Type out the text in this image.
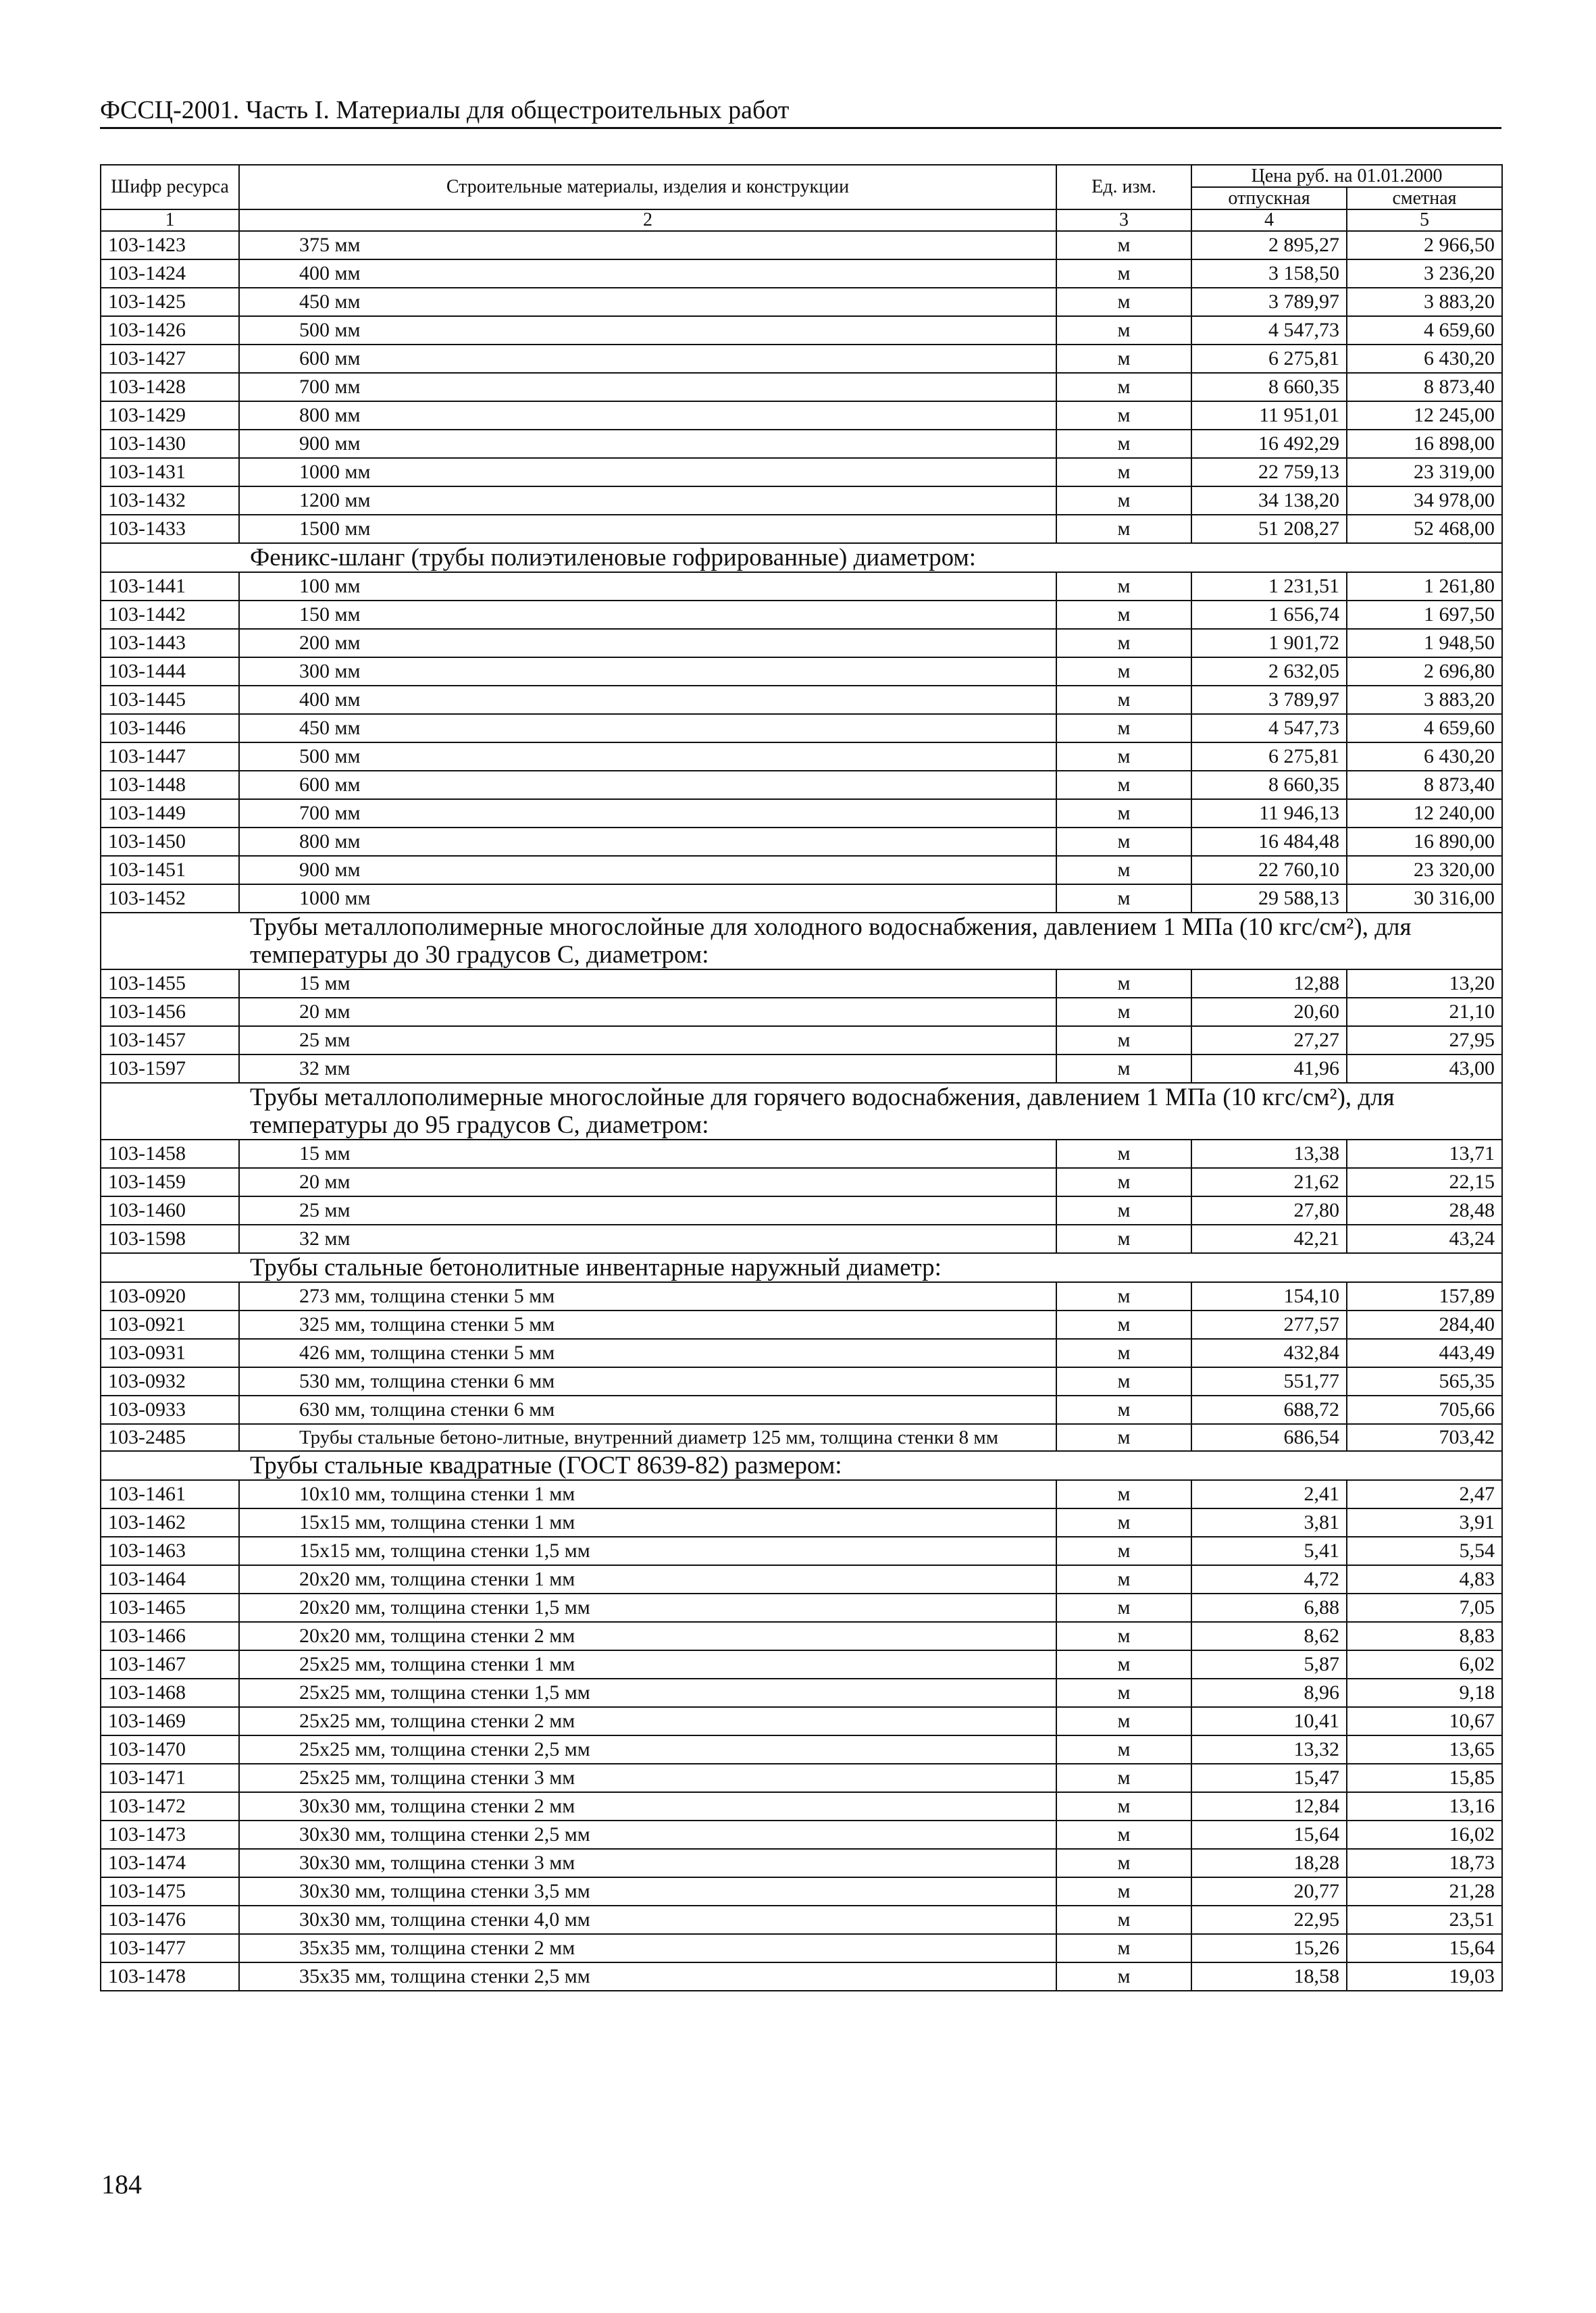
ФССЦ-2001. Часть I. Материалы для общестроительных работ
Шифр ресурса	Строительные материалы, изделия и конструкции	Ед. изм.	Цена руб. на 01.01.2000	
			отпускная	сметная
1	2	3	4	5
103-1423	375 мм	м	2 895,27	2 966,50
103-1424	400 мм	м	3 158,50	3 236,20
103-1425	450 мм	м	3 789,97	3 883,20
103-1426	500 мм	м	4 547,73	4 659,60
103-1427	600 мм	м	6 275,81	6 430,20
103-1428	700 мм	м	8 660,35	8 873,40
103-1429	800 мм	м	11 951,01	12 245,00
103-1430	900 мм	м	16 492,29	16 898,00
103-1431	1000 мм	м	22 759,13	23 319,00
103-1432	1200 мм	м	34 138,20	34 978,00
103-1433	1500 мм	м	51 208,27	52 468,00
Феникс-шланг (трубы полиэтиленовые гофрированные) диаметром:				
103-1441	100 мм	м	1 231,51	1 261,80
103-1442	150 мм	м	1 656,74	1 697,50
103-1443	200 мм	м	1 901,72	1 948,50
103-1444	300 мм	м	2 632,05	2 696,80
103-1445	400 мм	м	3 789,97	3 883,20
103-1446	450 мм	м	4 547,73	4 659,60
103-1447	500 мм	м	6 275,81	6 430,20
103-1448	600 мм	м	8 660,35	8 873,40
103-1449	700 мм	м	11 946,13	12 240,00
103-1450	800 мм	м	16 484,48	16 890,00
103-1451	900 мм	м	22 760,10	23 320,00
103-1452	1000 мм	м	29 588,13	30 316,00
Трубы металлополимерные многослойные для холодного водоснабжения, давлением 1 МПа (10 кгс/см²), для температуры до 30 градусов С, диаметром:				
103-1455	15 мм	м	12,88	13,20
103-1456	20 мм	м	20,60	21,10
103-1457	25 мм	м	27,27	27,95
103-1597	32 мм	м	41,96	43,00
Трубы металлополимерные многослойные для горячего водоснабжения, давлением 1 МПа (10 кгс/см²), для температуры до 95 градусов С, диаметром:				
103-1458	15 мм	м	13,38	13,71
103-1459	20 мм	м	21,62	22,15
103-1460	25 мм	м	27,80	28,48
103-1598	32 мм	м	42,21	43,24
Трубы стальные бетонолитные инвентарные наружный диаметр:				
103-0920	273 мм, толщина стенки 5 мм	м	154,10	157,89
103-0921	325 мм, толщина стенки 5 мм	м	277,57	284,40
103-0931	426 мм, толщина стенки 5 мм	м	432,84	443,49
103-0932	530 мм, толщина стенки 6 мм	м	551,77	565,35
103-0933	630 мм, толщина стенки 6 мм	м	688,72	705,66
103-2485	Трубы стальные бетоно-литные, внутренний диаметр 125 мм, толщина стенки 8 мм	м	686,54	703,42
Трубы стальные квадратные (ГОСТ 8639-82) размером:				
103-1461	10x10 мм, толщина стенки 1 мм	м	2,41	2,47
103-1462	15x15 мм, толщина стенки 1 мм	м	3,81	3,91
103-1463	15x15 мм, толщина стенки 1,5 мм	м	5,41	5,54
103-1464	20x20 мм, толщина стенки 1 мм	м	4,72	4,83
103-1465	20x20 мм, толщина стенки 1,5 мм	м	6,88	7,05
103-1466	20x20 мм, толщина стенки 2 мм	м	8,62	8,83
103-1467	25x25 мм, толщина стенки 1 мм	м	5,87	6,02
103-1468	25x25 мм, толщина стенки 1,5 мм	м	8,96	9,18
103-1469	25x25 мм, толщина стенки 2 мм	м	10,41	10,67
103-1470	25x25 мм, толщина стенки 2,5 мм	м	13,32	13,65
103-1471	25x25 мм, толщина стенки 3 мм	м	15,47	15,85
103-1472	30x30 мм, толщина стенки 2 мм	м	12,84	13,16
103-1473	30x30 мм, толщина стенки 2,5 мм	м	15,64	16,02
103-1474	30x30 мм, толщина стенки 3 мм	м	18,28	18,73
103-1475	30x30 мм, толщина стенки 3,5 мм	м	20,77	21,28
103-1476	30x30 мм, толщина стенки 4,0 мм	м	22,95	23,51
103-1477	35x35 мм, толщина стенки 2 мм	м	15,26	15,64
103-1478	35x35 мм, толщина стенки 2,5 мм	м	18,58	19,03
184
